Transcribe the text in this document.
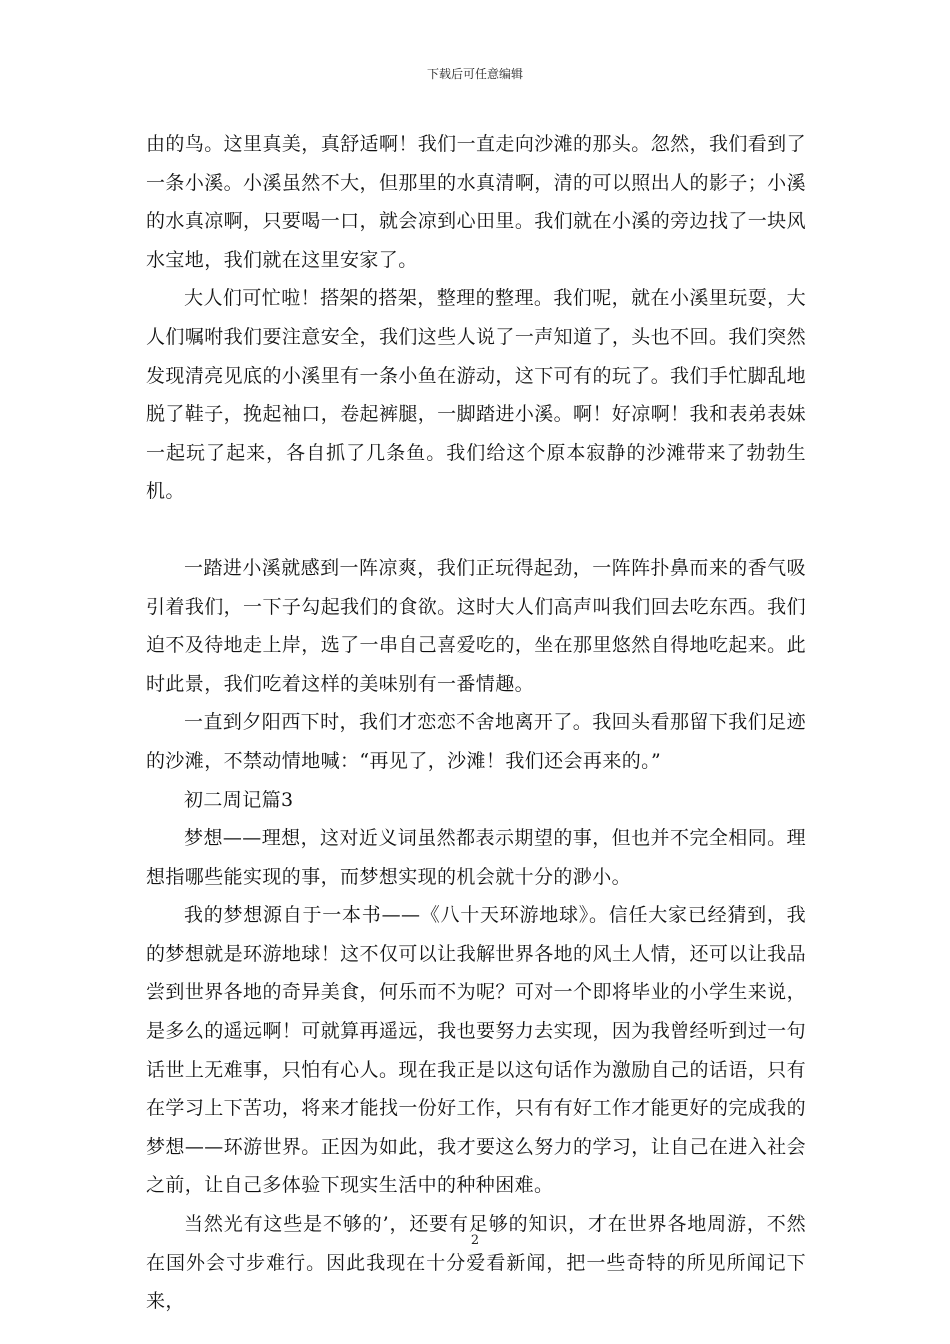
下载后可任意编辑

由的鸟。这里真美，真舒适啊！我们一直走向沙滩的那头。忽然，我们看到了一条小溪。小溪虽然不大，但那里的水真清啊，清的可以照出人的影子；小溪的水真凉啊，只要喝一口，就会凉到心田里。我们就在小溪的旁边找了一块风水宝地，我们就在这里安家了。

大人们可忙啦！搭架的搭架，整理的整理。我们呢，就在小溪里玩耍，大人们嘱咐我们要注意安全，我们这些人说了一声知道了，头也不回。我们突然发现清亮见底的小溪里有一条小鱼在游动，这下可有的玩了。我们手忙脚乱地脱了鞋子，挽起袖口，卷起裤腿，一脚踏进小溪。啊！好凉啊！我和表弟表妹一起玩了起来，各自抓了几条鱼。我们给这个原本寂静的沙滩带来了勃勃生机。

一踏进小溪就感到一阵凉爽，我们正玩得起劲，一阵阵扑鼻而来的香气吸引着我们，一下子勾起我们的食欲。这时大人们高声叫我们回去吃东西。我们迫不及待地走上岸，选了一串自己喜爱吃的，坐在那里悠然自得地吃起来。此时此景，我们吃着这样的美味别有一番情趣。

一直到夕阳西下时，我们才恋恋不舍地离开了。我回头看那留下我们足迹的沙滩，不禁动情地喊：“再见了，沙滩！我们还会再来的。”

初二周记篇3

梦想——理想，这对近义词虽然都表示期望的事，但也并不完全相同。理想指哪些能实现的事，而梦想实现的机会就十分的渺小。

我的梦想源自于一本书——《八十天环游地球》。信任大家已经猜到，我的梦想就是环游地球！这不仅可以让我解世界各地的风土人情，还可以让我品尝到世界各地的奇异美食，何乐而不为呢？可对一个即将毕业的小学生来说，是多么的遥远啊！可就算再遥远，我也要努力去实现，因为我曾经听到过一句话世上无难事，只怕有心人。现在我正是以这句话作为激励自己的话语，只有在学习上下苦功，将来才能找一份好工作，只有有好工作才能更好的完成我的梦想——环游世界。正因为如此，我才要这么努力的学习，让自己在进入社会之前，让自己多体验下现实生活中的种种困难。

当然光有这些是不够的’，还要有足够的知识，才在世界各地周游，不然在国外会寸步难行。因此我现在十分爱看新闻，把一些奇特的所见所闻记下来，

2
